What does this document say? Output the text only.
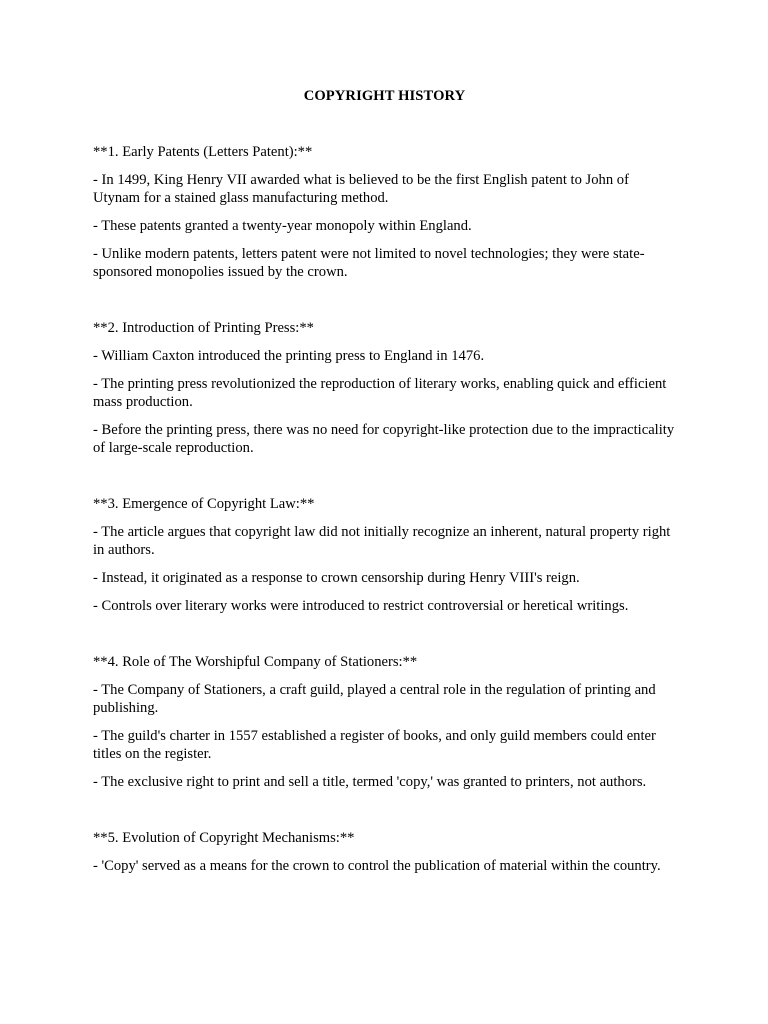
COPYRIGHT HISTORY
**1. Early Patents (Letters Patent):**
- In 1499, King Henry VII awarded what is believed to be the first English patent to John of Utynam for a stained glass manufacturing method.
- These patents granted a twenty-year monopoly within England.
- Unlike modern patents, letters patent were not limited to novel technologies; they were state-sponsored monopolies issued by the crown.
**2. Introduction of Printing Press:**
- William Caxton introduced the printing press to England in 1476.
- The printing press revolutionized the reproduction of literary works, enabling quick and efficient mass production.
- Before the printing press, there was no need for copyright-like protection due to the impracticality of large-scale reproduction.
**3. Emergence of Copyright Law:**
- The article argues that copyright law did not initially recognize an inherent, natural property right in authors.
- Instead, it originated as a response to crown censorship during Henry VIII's reign.
- Controls over literary works were introduced to restrict controversial or heretical writings.
**4. Role of The Worshipful Company of Stationers:**
- The Company of Stationers, a craft guild, played a central role in the regulation of printing and publishing.
- The guild's charter in 1557 established a register of books, and only guild members could enter titles on the register.
- The exclusive right to print and sell a title, termed 'copy,' was granted to printers, not authors.
**5. Evolution of Copyright Mechanisms:**
- 'Copy' served as a means for the crown to control the publication of material within the country.
